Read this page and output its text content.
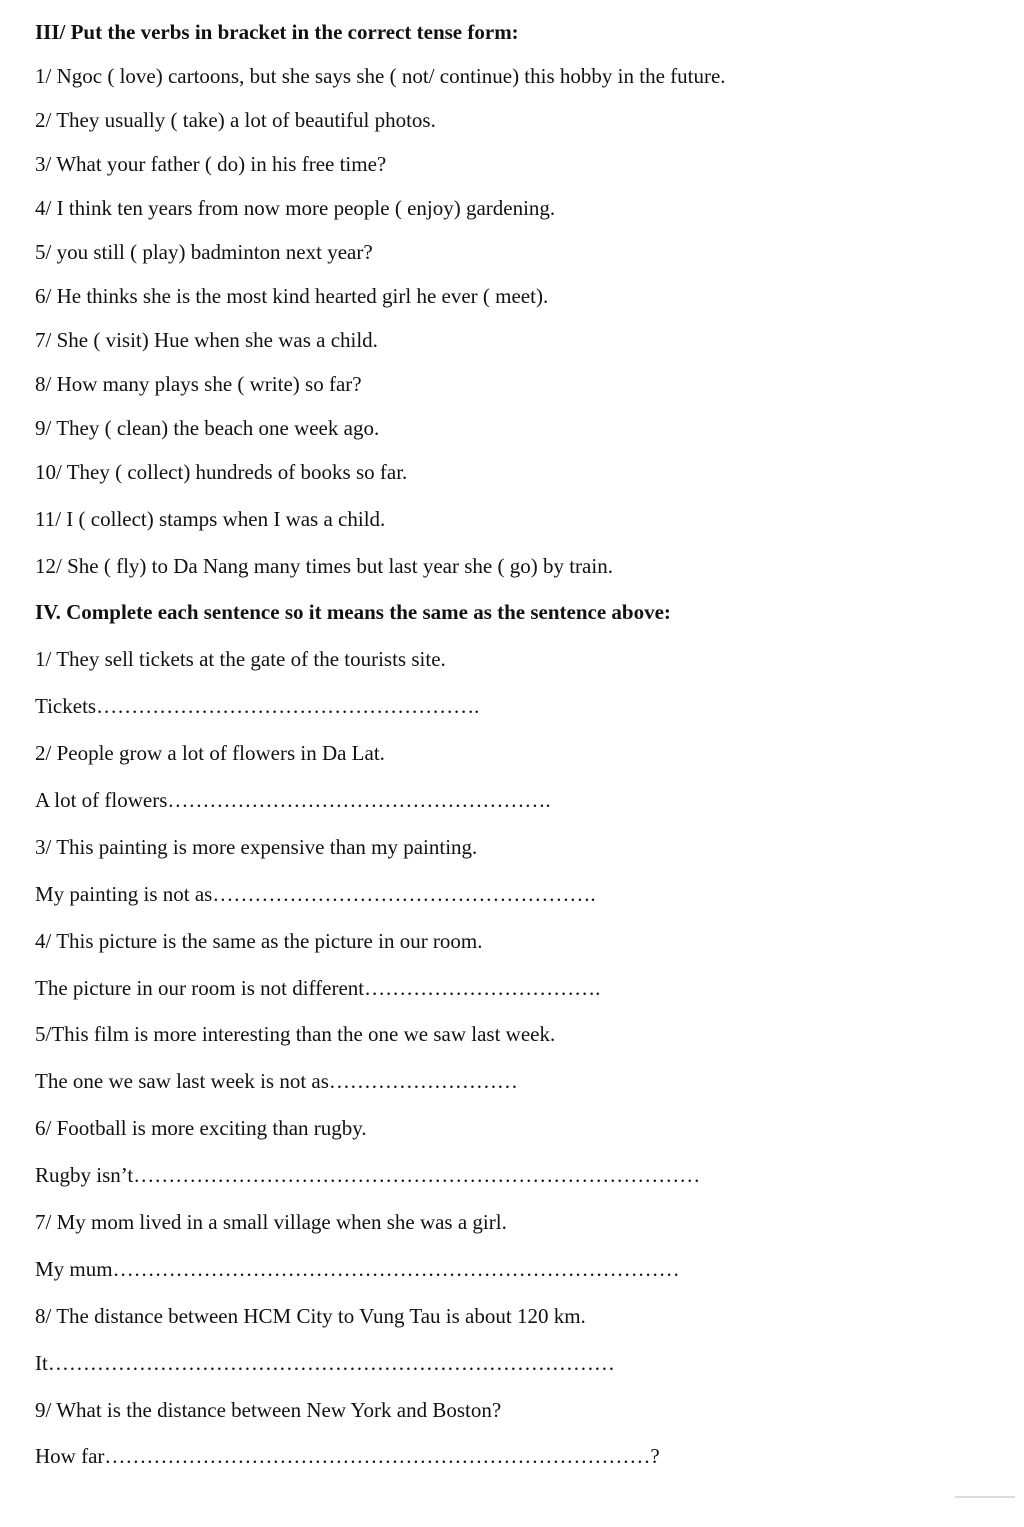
III/ Put the verbs in bracket in the correct tense form:
1/ Ngoc ( love) cartoons, but she says she ( not/ continue) this hobby in the future.
2/ They usually ( take) a lot of beautiful photos.
3/ What your father ( do) in his free time?
4/ I think ten years from now more people ( enjoy) gardening.
5/ you still ( play) badminton next year?
6/ He thinks she is the most kind hearted girl he ever ( meet).
7/ She ( visit) Hue when she was a child.
8/ How many plays she ( write) so far?
9/ They ( clean) the beach one week ago.
10/ They ( collect) hundreds of books so far.
11/ I ( collect) stamps when I was a child.
12/ She ( fly) to Da Nang many times but last year she ( go) by train.
IV. Complete each sentence so it means the same as the sentence above:
1/ They sell tickets at the gate of the tourists site.
Tickets……………………………………………….
2/ People grow a lot of flowers in Da Lat.
A lot of flowers……………………………………………….
3/ This painting is more expensive than my painting.
My painting is not as……………………………………………….
4/ This picture is the same as the picture in our room.
The picture in our room is not different…………………………….
5/This film is more interesting than the one we saw last week.
The one we saw last week is not as………………………
6/ Football is more exciting than rugby.
Rugby isn’t………………………………………………………………………
7/ My mom lived in a small village when she was a girl.
My mum………………………………………………………………………
8/ The distance between HCM City to Vung Tau is about 120 km.
It………………………………………………………………………
9/ What is the distance between New York and Boston?
How far……………………………………………………………………?
